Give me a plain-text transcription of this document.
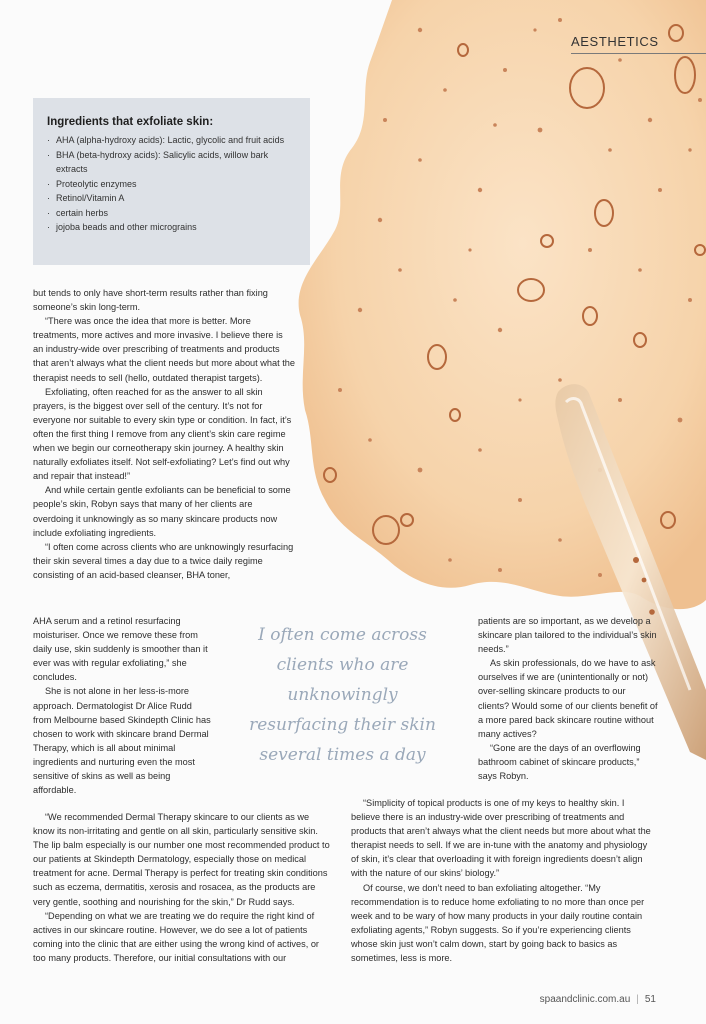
AESTHETICS
Ingredients that exfoliate skin:
· AHA (alpha-hydroxy acids): Lactic, glycolic and fruit acids
· BHA (beta-hydroxy acids): Salicylic acids, willow bark extracts
· Proteolytic enzymes
· Retinol/Vitamin A
· certain herbs
· jojoba beads and other micrograins

but tends to only have short-term results rather than fixing someone’s skin long-term.

“There was once the idea that more is better. More treatments, more actives and more invasive. I believe there is an industry-wide over prescribing of treatments and products that aren’t always what the client needs but more about what the therapist needs to sell (hello, outdated therapist targets).

Exfoliating, often reached for as the answer to all skin prayers, is the biggest over sell of the century. It’s not for everyone nor suitable to every skin type or condition. In fact, it’s often the first thing I remove from any client’s skin care regime when we begin our corneotherapy skin journey. A healthy skin naturally exfoliates itself. Not self-exfoliating? Let’s find out why and repair that instead!”

And while certain gentle exfoliants can be beneficial to some people’s skin, Robyn says that many of her clients are overdoing it unknowingly as so many skincare products now include exfoliating ingredients.

“I often come across clients who are unknowingly resurfacing their skin several times a day due to a twice daily regime consisting of an acid-based cleanser, BHA toner,

AHA serum and a retinol resurfacing moisturiser. Once we remove these from daily use, skin suddenly is smoother than it ever was with regular exfoliating,” she concludes.

She is not alone in her less-is-more approach. Dermatologist Dr Alice Rudd from Melbourne based Skindepth Clinic has chosen to work with skincare brand Dermal Therapy, which is all about minimal ingredients and nurturing even the most sensitive of skins as well as being affordable.

I often come across
clients who are
unknowingly
resurfacing their skin
several times a day

patients are so important, as we develop a skincare plan tailored to the individual’s skin needs.”

As skin professionals, do we have to ask ourselves if we are (unintentionally or not) over-selling skincare products to our clients? Would some of our clients benefit of a more pared back skincare routine without many actives?

“Gone are the days of an overflowing bathroom cabinet of skincare products,” says Robyn.

“We recommended Dermal Therapy skincare to our clients as we know its non-irritating and gentle on all skin, particularly sensitive skin. The lip balm especially is our number one most recommended product to our patients at Skindepth Dermatology, especially those on medical treatment for acne. Dermal Therapy is perfect for treating skin conditions such as eczema, dermatitis, xerosis and rosacea, as the products are very gentle, soothing and nourishing for the skin,” Dr Rudd says.

“Depending on what we are treating we do require the right kind of actives in our skincare routine. However, we do see a lot of patients coming into the clinic that are either using the wrong kind of actives, or too many products. Therefore, our initial consultations with our

“Simplicity of topical products is one of my keys to healthy skin. I believe there is an industry-wide over prescribing of treatments and products that aren’t always what the client needs but more about what the therapist needs to sell. If we are in-tune with the anatomy and physiology of skin, it’s clear that overloading it with foreign ingredients doesn’t align with the nature of our skins’ biology.”

Of course, we don’t need to ban exfoliating altogether. “My recommendation is to reduce home exfoliating to no more than once per week and to be wary of how many products in your daily routine contain exfoliating agents,” Robyn suggests. So if you’re experiencing clients whose skin just won’t calm down, start by going back to basics as sometimes, less is more.

spaandclinic.com.au | 51
